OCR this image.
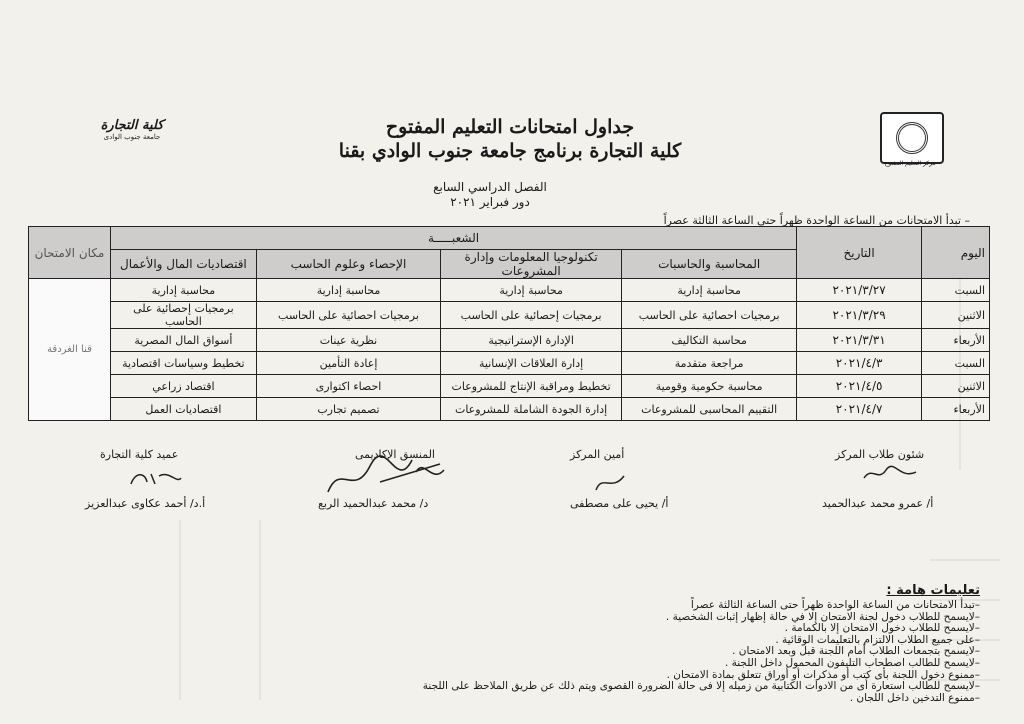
مركز التعليم المفتوح
كلية التجارة
جامعة جنوب الوادى	جداول امتحانات التعليم المفتوح
كلية التجارة برنامج جامعة جنوب الوادي بقنا
الفصل الدراسي السابع
دور فبراير ٢٠٢١
– تبدأ الامتحانات من الساعة الواحدة ظهراً حتى الساعة الثالثة عصراً
اليوم	التاريخ	الشعبـــــة				مكان الامتحان
		المحاسبة والحاسبات	تكنولوجيا المعلومات وإدارة المشروعات	الإحصاء وعلوم الحاسب	اقتصاديات المال والأعمال	
السبت	٢٠٢١/٣/٢٧	محاسبة إدارية	محاسبة إدارية	محاسبة إدارية	محاسبة إدارية	قنا الغردقة
الاثنين	٢٠٢١/٣/٢٩	برمجيات احصائية على الحاسب	برمجيات إحصائية على الحاسب	برمجيات احصائية على الحاسب	برمجيات إحصائية على الحاسب	
الأربعاء	٢٠٢١/٣/٣١	محاسبة التكاليف	الإدارة الإستراتيجية	نظرية عينات	أسواق المال المصرية	
السبت	٢٠٢١/٤/٣	مراجعة متقدمة	إدارة العلاقات الإنسانية	إعادة التأمين	تخطيط وسياسات اقتصادية	
الاثنين	٢٠٢١/٤/٥	محاسبة حكومية وقومية	تخطيط ومراقبة الإنتاج للمشروعات	احصاء اكتوارى	اقتصاد زراعي	
الأربعاء	٢٠٢١/٤/٧	التقييم المحاسبى للمشروعات	إدارة الجودة الشاملة للمشروعات	تصميم تجارب	اقتصاديات العمل	
شئون طلاب المركز
أمين المركز
المنسق الإكاديمى
عميد كلية التجارة
أ/ عمرو محمد عبدالحميد
أ/ يحيى على مصطفى
د/ محمد عبدالحميد الربع
أ.د/ أحمد عكاوى عبدالعزيز
تعليمات هامة :
– تبدأ الامتحانات من الساعة الواحدة ظهراً حتى الساعة الثالثة عصراً
– لايسمح للطلاب دخول لجنة الامتحان إلا في حالة إظهار إثبات الشخصية .
– لايسمح للطلاب دخول الامتحان إلا بالكمامة .
– على جميع الطلاب الالتزام بالتعليمات الوقائية .
– لايسمح بتجمعات الطلاب أمام اللجنة قبل وبعد الامتحان .
– لايسمح للطالب اصطحاب التليفون المحمول داخل اللجنة .
– ممنوع دخول اللجنة بأى كتب أو مذكرات أو أوراق تتعلق بمادة الامتحان .
– لايسمح للطالب استعارة أى من الادوات الكتابية من زميله إلا فى حالة الضرورة القصوى ويتم ذلك عن طريق الملاحظ على اللجنة
– ممنوع التدخين داخل اللجان .
